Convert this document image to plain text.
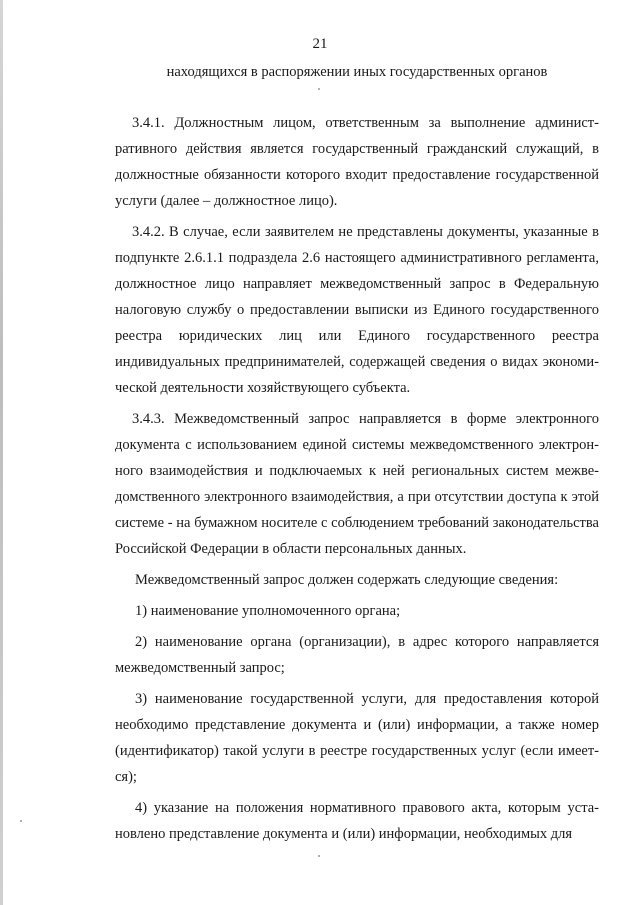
21

находящихся в распоряжении иных государственных органов

3.4.1. Должностным лицом, ответственным за выполнение административного действия является государственный гражданский служащий, в должностные обязанности которого входит предоставление государственной услуги (далее – должностное лицо).

3.4.2. В случае, если заявителем не представлены документы, указанные в подпункте 2.6.1.1 подраздела 2.6 настоящего административного регламента, должностное лицо направляет межведомственный запрос в Федеральную налоговую службу о предоставлении выписки из Единого государственного реестра юридических лиц или Единого государственного реестра индивидуальных предпринимателей, содержащей сведения о видах экономической деятельности хозяйствующего субъекта.

3.4.3. Межведомственный запрос направляется в форме электронного документа с использованием единой системы межведомственного электронного взаимодействия и подключаемых к ней региональных систем межведомственного электронного взаимодействия, а при отсутствии доступа к этой системе - на бумажном носителе с соблюдением требований законодательства Российской Федерации в области персональных данных.

Межведомственный запрос должен содержать следующие сведения:

1) наименование уполномоченного органа;

2) наименование органа (организации), в адрес которого направляется межведомственный запрос;

3) наименование государственной услуги, для предоставления которой необходимо представление документа и (или) информации, а также номер (идентификатор) такой услуги в реестре государственных услуг (если имеется);

4) указание на положения нормативного правового акта, которым установлено представление документа и (или) информации, необходимых для
